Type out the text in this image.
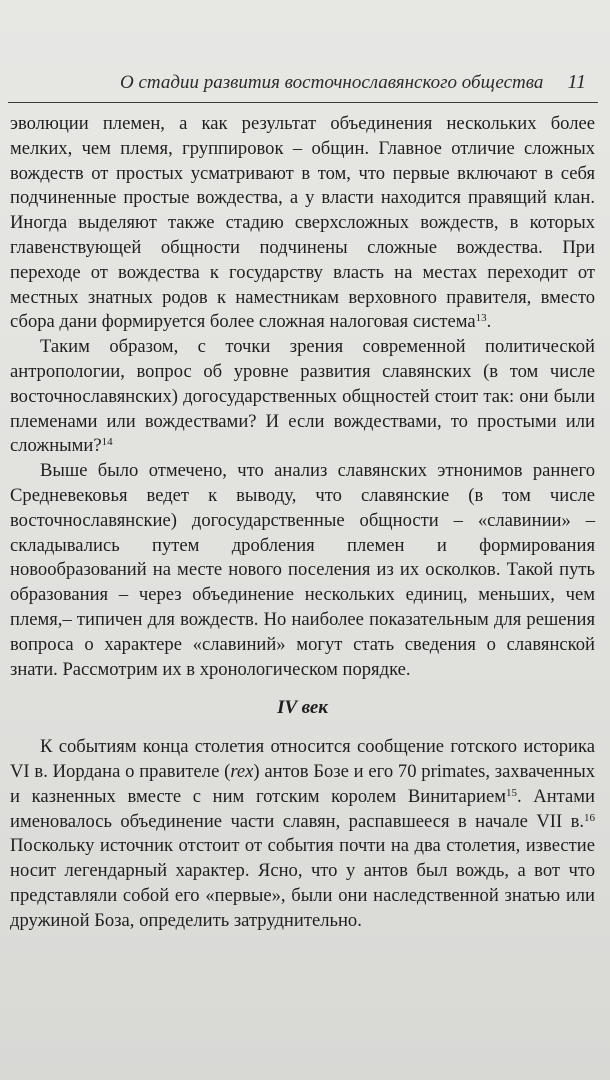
О стадии развития восточнославянского общества 11

эволюции племен, а как результат объединения нескольких более мелких, чем племя, группировок – общин. Главное отличие сложных вождеств от простых усматривают в том, что первые включают в себя подчиненные простые вождества, а у власти находится правящий клан. Иногда выделяют также стадию сверхсложных вождеств, в которых главенствующей общности подчинены сложные вождества. При переходе от вождества к государству власть на местах переходит от местных знатных родов к наместникам верховного правителя, вместо сбора дани формируется более сложная налоговая система$^{13}$.

Таким образом, с точки зрения современной политической антропологии, вопрос об уровне развития славянских (в том числе восточнославянских) догосударственных общностей стоит так: они были племенами или вождествами? И если вождествами, то простыми или сложными?$^{14}$

Выше было отмечено, что анализ славянских этнонимов раннего Средневековья ведет к выводу, что славянские (в том числе восточнославянские) догосударственные общности – «славинии» – складывались путем дробления племен и формирования новообразований на месте нового поселения из их осколков. Такой путь образования – через объединение нескольких единиц, меньших, чем племя,– типичен для вождеств. Но наиболее показательным для решения вопроса о характере «славиний» могут стать сведения о славянской знати. Рассмотрим их в хронологическом порядке.

IV век

К событиям конца столетия относится сообщение готского историка VI в. Иордана о правителе (rex) антов Бозе и его 70 primates, захваченных и казненных вместе с ним готским королем Винитарием$^{15}$. Антами именовалось объединение части славян, распавшееся в начале VII в.$^{16}$ Поскольку источник отстоит от события почти на два столетия, известие носит легендарный характер. Ясно, что у антов был вождь, а вот что представляли собой его «первые», были они наследственной знатью или дружиной Боза, определить затруднительно.
